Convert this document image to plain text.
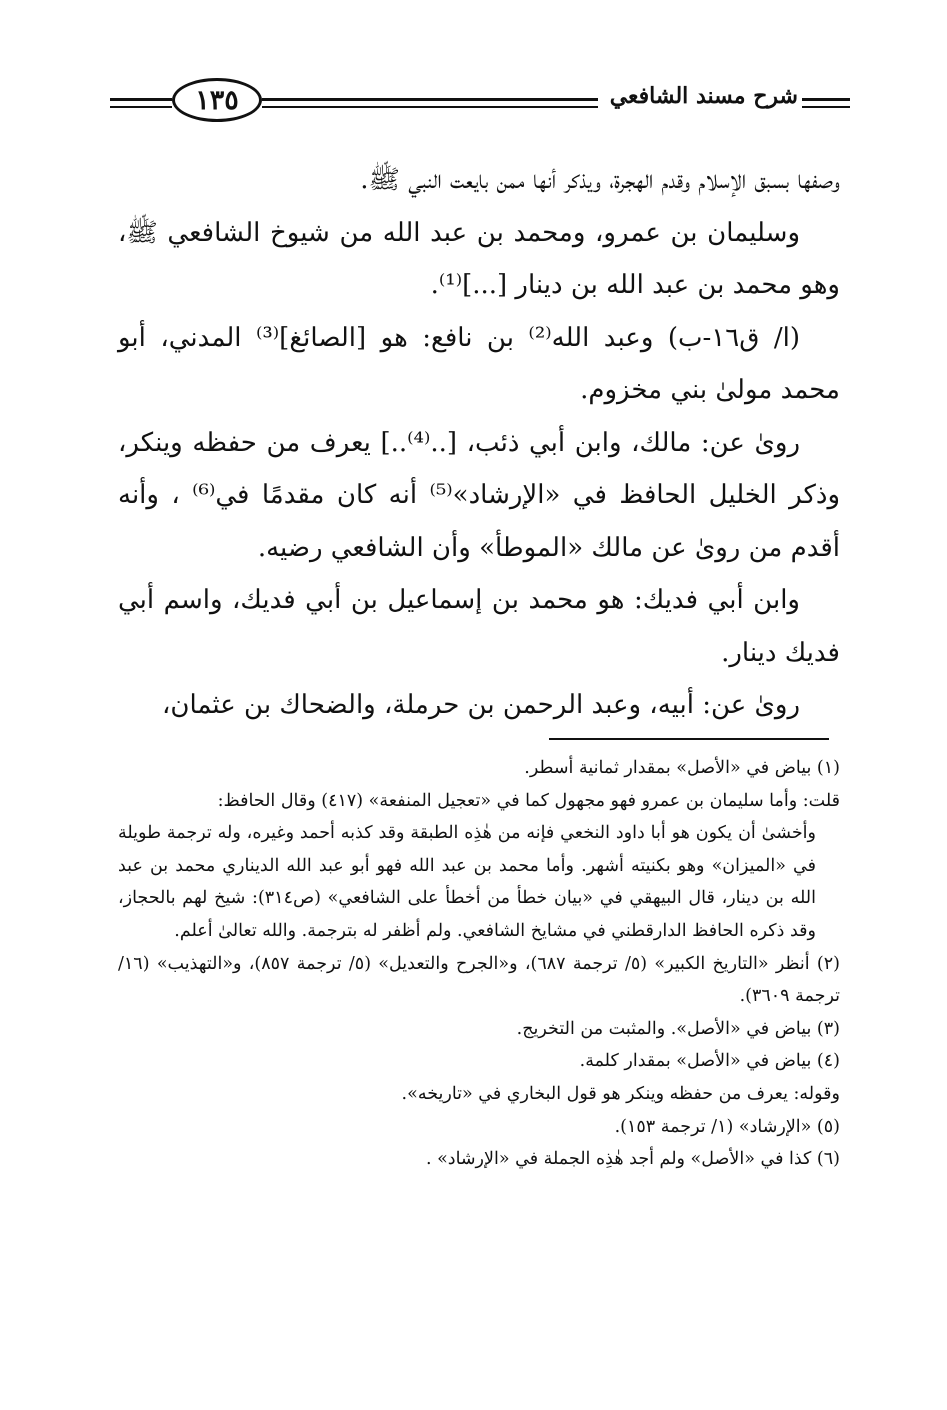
١٣٥	شرح مسند الشافعي

وصفها بسبق الإسلام وقدم الهجرة، ويذكر أنها ممن بايعت النبي ﷺ.

وسليمان بن عمرو، ومحمد بن عبد الله من شيوخ الشافعي ﷺ، وهو محمد بن عبد الله بن دينار [...]⁽¹⁾.

(ا/ ق١٦-ب) وعبد الله⁽²⁾ بن نافع: هو [الصائغ]⁽³⁾ المدني، أبو محمد مولىٰ بني مخزوم.

روىٰ عن: مالك، وابن أبي ذئب، [..⁽⁴⁾..] يعرف من حفظه وينكر، وذكر الخليل الحافظ في «الإرشاد»⁽⁵⁾ أنه كان مقدمًا في⁽⁶⁾ ، وأنه أقدم من روىٰ عن مالك «الموطأ» وأن الشافعي رضيه.

وابن أبي فديك: هو محمد بن إسماعيل بن أبي فديك، واسم أبي فديك دينار.

روىٰ عن: أبيه، وعبد الرحمن بن حرملة، والضحاك بن عثمان،

(١) بياض في «الأصل» بمقدار ثمانية أسطر.

قلت: وأما سليمان بن عمرو فهو مجهول كما في «تعجيل المنفعة» (٤١٧) وقال الحافظ:

وأخشىٰ أن يكون هو أبا داود النخعي فإنه من هٰذِه الطبقة وقد كذبه أحمد وغيره، وله ترجمة طويلة في «الميزان» وهو بكنيته أشهر. وأما محمد بن عبد الله فهو أبو عبد الله الديناري محمد بن عبد الله بن دينار، قال البيهقي في «بيان خطأ من أخطأ على الشافعي» (ص٣١٤): شيخ لهم بالحجاز، وقد ذكره الحافظ الدارقطني في مشايخ الشافعي. ولم أظفر له بترجمة. والله تعالىٰ أعلم.

(٢) أنظر «التاريخ الكبير» (٥/ ترجمة ٦٨٧)، و«الجرح والتعديل» (٥/ ترجمة ٨٥٧)، و«التهذيب» (١٦/ ترجمة ٣٦٠٩).

(٣) بياض في «الأصل». والمثبت من التخريج.

(٤) بياض في «الأصل» بمقدار كلمة.

وقوله: يعرف من حفظه وينكر هو قول البخاري في «تاريخه».

(٥) «الإرشاد» (١/ ترجمة ١٥٣).

(٦) كذا في «الأصل» ولم أجد هٰذِه الجملة في «الإرشاد» .
